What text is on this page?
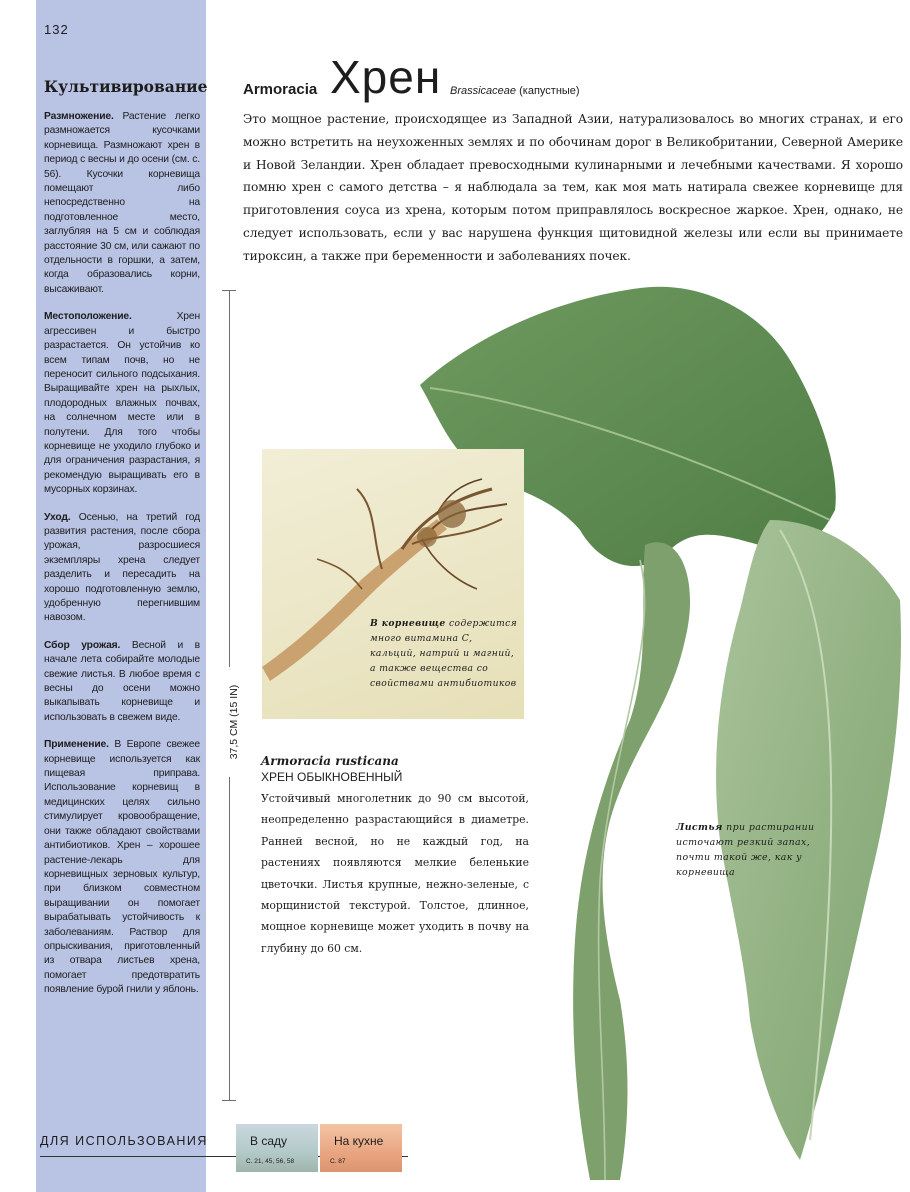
132
Культивирование

Размножение. Растение легко размножается кусочками корневища. Размножают хрен в период с весны и до осени (см. с. 56). Кусочки корневища помещают либо непосредственно на подготовленное место, заглубляя на 5 см и соблюдая расстояние 30 см, или сажают по отдельности в горшки, а затем, когда образовались корни, высаживают.

Местоположение.	Хрен агрессивен и быстро разрастается. Он устойчив ко всем типам почв, но не переносит сильного подсыхания. Выращивайте хрен на рыхлых, плодородных влажных почвах, на солнечном месте или в полутени. Для того чтобы корневище не уходило глубоко и для ограничения разрастания, я рекомендую выращивать его в мусорных корзинах.

Уход. Осенью, на третий год развития растения, после сбора урожая, разросшиеся экземпляры хрена следует разделить и пересадить на хорошо подготовленную землю, удобренную перегнившим навозом.

Сбор урожая. Весной и в начале лета собирайте молодые свежие листья. В любое время с весны до осени можно выкапывать корневище и использовать в свежем виде.

Применение. В Европе свежее корневище используется как пищевая приправа. Использование корневищ в медицинских целях сильно стимулирует кровообращение, они также обладают свойствами антибиотиков. Хрен – хорошее растение-лекарь для корневищных зерновых культур, при близком совместном выращивании он помогает вырабатывать устойчивость к заболеваниям. Раствор для опрыскивания, приготовленный из отвара листьев хрена, помогает предотвратить появление бурой гнили у яблонь.

Armoracia Хрен Brassicaceae (капустные)
Это мощное растение, происходящее из Западной Азии, натурализовалось во многих странах, и его можно встретить на неухоженных землях и по обочинам дорог в Великобритании, Северной Америке и Новой Зеландии. Хрен обладает превосходными кулинарными и лечебными качествами. Я хорошо помню хрен с самого детства – я наблюдала за тем, как моя мать натирала свежее корневище для приготовления соуса из хрена, которым потом приправлялось воскресное жаркое. Хрен, однако, не следует использовать, если у вас нарушена функция щитовидной железы или если вы принимаете тироксин, а также при беременности и заболеваниях почек.
37,5 СМ (15 IN)
В корневище содержится много витамина С, кальций, натрий и магний, а также вещества со свойствами антибиотиков
Armoracia rusticana
ХРЕН ОБЫКНОВЕННЫЙ
Устойчивый многолетник до 90 см высотой, неопределенно разрастающийся в диаметре. Ранней весной, но не каждый год, на растениях появляются мелкие беленькие цветочки. Листья крупные, нежно-зеленые, с морщинистой текстурой. Толстое, длинное, мощное корневище может уходить в почву на глубину до 60 см.
Листья при растирании источают резкий запах, почти такой же, как у корневища
ДЛЯ ИСПОЛЬЗОВАНИЯ	В саду
С. 21, 45, 56, 58
На кухне
С. 87
